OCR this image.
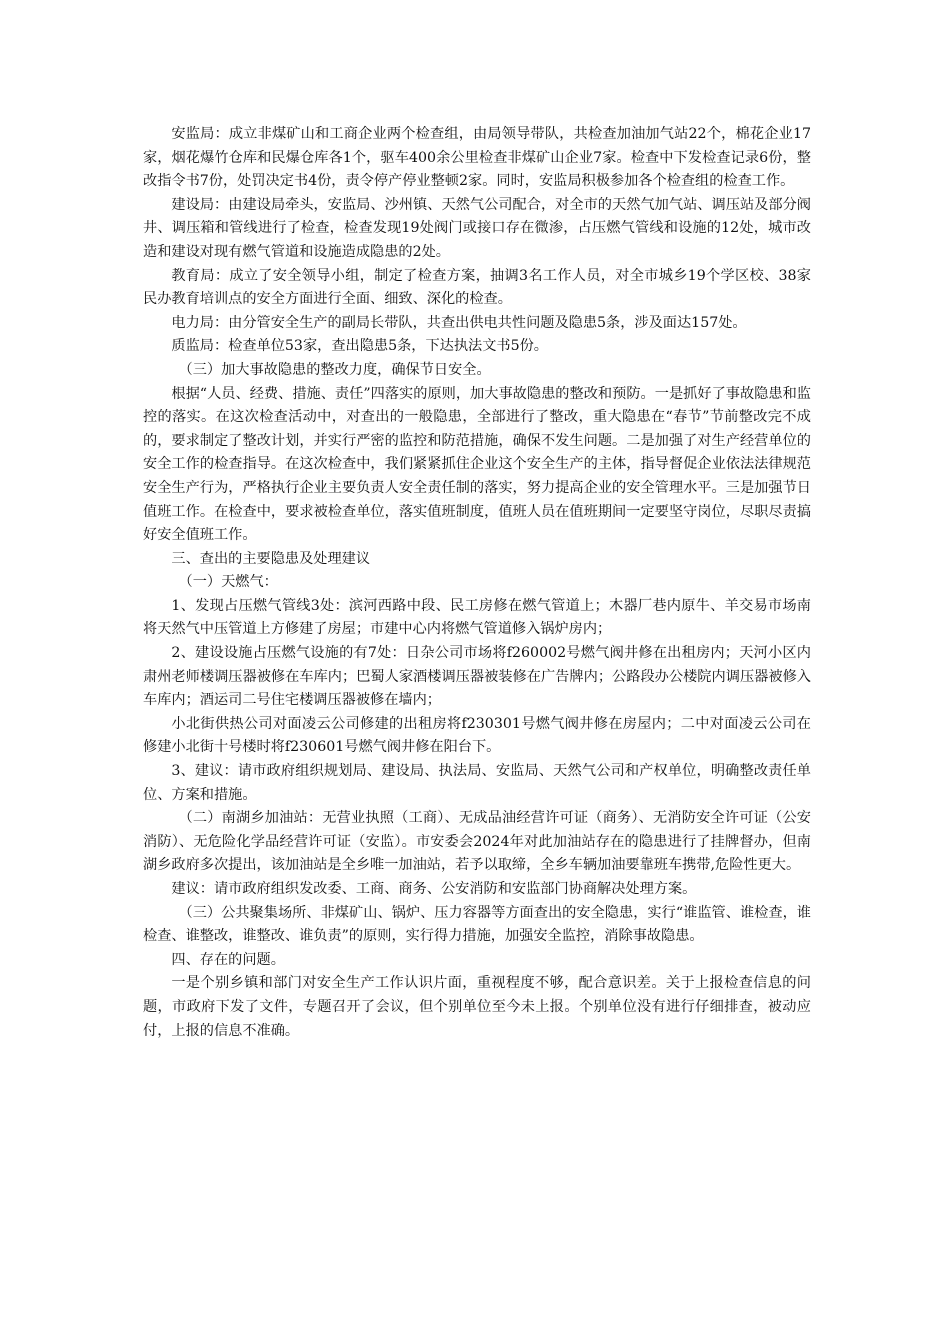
安监局：成立非煤矿山和工商企业两个检查组，由局领导带队，共检查加油加气站22个，棉花企业17家，烟花爆竹仓库和民爆仓库各1个，驱车400余公里检查非煤矿山企业7家。检查中下发检查记录6份，整改指令书7份，处罚决定书4份，责令停产停业整顿2家。同时，安监局积极参加各个检查组的检查工作。

建设局：由建设局牵头，安监局、沙州镇、天然气公司配合，对全市的天然气加气站、调压站及部分阀井、调压箱和管线进行了检查，检查发现19处阀门或接口存在微渗，占压燃气管线和设施的12处，城市改造和建设对现有燃气管道和设施造成隐患的2处。

教育局：成立了安全领导小组，制定了检查方案，抽调3名工作人员，对全市城乡19个学区校、38家民办教育培训点的安全方面进行全面、细致、深化的检查。

电力局：由分管安全生产的副局长带队，共查出供电共性问题及隐患5条，涉及面达157处。

质监局：检查单位53家，查出隐患5条，下达执法文书5份。

（三）加大事故隐患的整改力度，确保节日安全。

根据“人员、经费、措施、责任”四落实的原则，加大事故隐患的整改和预防。一是抓好了事故隐患和监控的落实。在这次检查活动中，对查出的一般隐患，全部进行了整改，重大隐患在“春节”节前整改完不成的，要求制定了整改计划，并实行严密的监控和防范措施，确保不发生问题。二是加强了对生产经营单位的安全工作的检查指导。在这次检查中，我们紧紧抓住企业这个安全生产的主体，指导督促企业依法法律规范安全生产行为，严格执行企业主要负责人安全责任制的落实，努力提高企业的安全管理水平。三是加强节日值班工作。在检查中，要求被检查单位，落实值班制度，值班人员在值班期间一定要坚守岗位，尽职尽责搞好安全值班工作。

三、查出的主要隐患及处理建议

（一）天燃气：

1、发现占压燃气管线3处：滨河西路中段、民工房修在燃气管道上；木器厂巷内原牛、羊交易市场南将天然气中压管道上方修建了房屋；市建中心内将燃气管道修入锅炉房内；

2、建设设施占压燃气设施的有7处：日杂公司市场将f260002号燃气阀井修在出租房内；天河小区内肃州老师楼调压器被修在车库内；巴蜀人家酒楼调压器被装修在广告牌内；公路段办公楼院内调压器被修入车库内；酒运司二号住宅楼调压器被修在墙内；

小北街供热公司对面凌云公司修建的出租房将f230301号燃气阀井修在房屋内；二中对面凌云公司在修建小北街十号楼时将f230601号燃气阀井修在阳台下。

3、建议：请市政府组织规划局、建设局、执法局、安监局、天然气公司和产权单位，明确整改责任单位、方案和措施。

（二）南湖乡加油站：无营业执照（工商）、无成品油经营许可证（商务）、无消防安全许可证（公安消防）、无危险化学品经营许可证（安监）。市安委会2024年对此加油站存在的隐患进行了挂牌督办，但南湖乡政府多次提出，该加油站是全乡唯一加油站，若予以取缔，全乡车辆加油要靠班车携带,危险性更大。

建议：请市政府组织发改委、工商、商务、公安消防和安监部门协商解决处理方案。

（三）公共聚集场所、非煤矿山、锅炉、压力容器等方面查出的安全隐患，实行“谁监管、谁检查，谁检查、谁整改，谁整改、谁负责”的原则，实行得力措施，加强安全监控，消除事故隐患。

四、存在的问题。

一是个别乡镇和部门对安全生产工作认识片面，重视程度不够，配合意识差。关于上报检查信息的问题，市政府下发了文件，专题召开了会议，但个别单位至今未上报。个别单位没有进行仔细排查，被动应付，上报的信息不准确。
